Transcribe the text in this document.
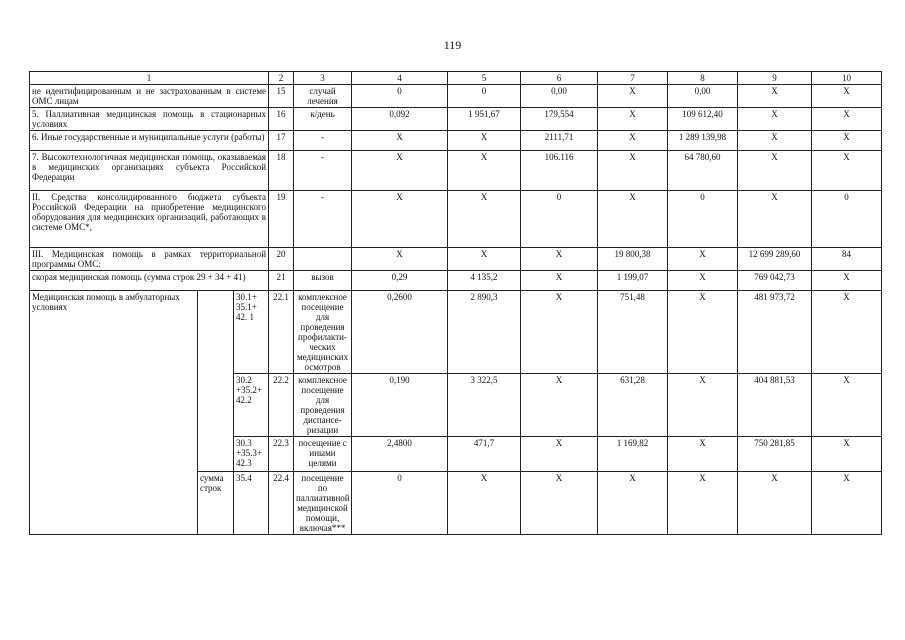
119
1			2	3	4	5	6	7	8	9	10
не идентифицированным и не застрахованным в системе ОМС лицам			15	случай лечения	0	0	0,00	X	0,00	X	X
5. Паллиативная медицинская помощь в стационарных условиях			16	к/день	0,092	1 951,67	179,554	X	109 612,40	X	X
6. Иные государственные и муниципальные услуги (работы)			17	-	X	X	2111,71	X	1 289 139,98	X	X
7. Высокотехнологичная медицинская помощь, оказываемая в медицинских организациях субъекта Российской Федерации			18	-	X	X	106.116	X	64 780,60	X	X
II. Средства консолидированного бюджета субъекта Российской Федерации на приобретение медицинского оборудования для медицинских организаций, работающих в системе ОМС*,			19	-	X	X	0	X	0	X	0
III. Медицинская помощь в рамках территориальной программы ОМС:			20		X	X	X	19 800,38	X	12 699 289,60	84
скорая медицинская помощь (сумма строк 29 + 34 + 41)			21	вызов	0,29	4 135,2	X	1 199,07	X	769 042,73	X
Медицинская помощь в амбулаторных условиях		30.1+ 35.1+ 42. 1	22.1	комплексное посещение для проведения профилакти-ческих медицинских осмотров	0,2600	2 890,3	X	751,48	X	481 973,72	X
		30.2 +35.2+ 42.2	22.2	комплексное посещение для проведения диспансе-ризации	0,190	3 322,5	X	631,28	X	404 881,53	X
		30.3 +35.3+ 42.3	22.3	посещение с иными целями	2,4800	471,7	X	1 169,82	X	750 281,85	X
	сумма строк	35.4	22.4	посещение по паллиативной медицинской помощи, включая***	0	X	X	X	X	X	X
